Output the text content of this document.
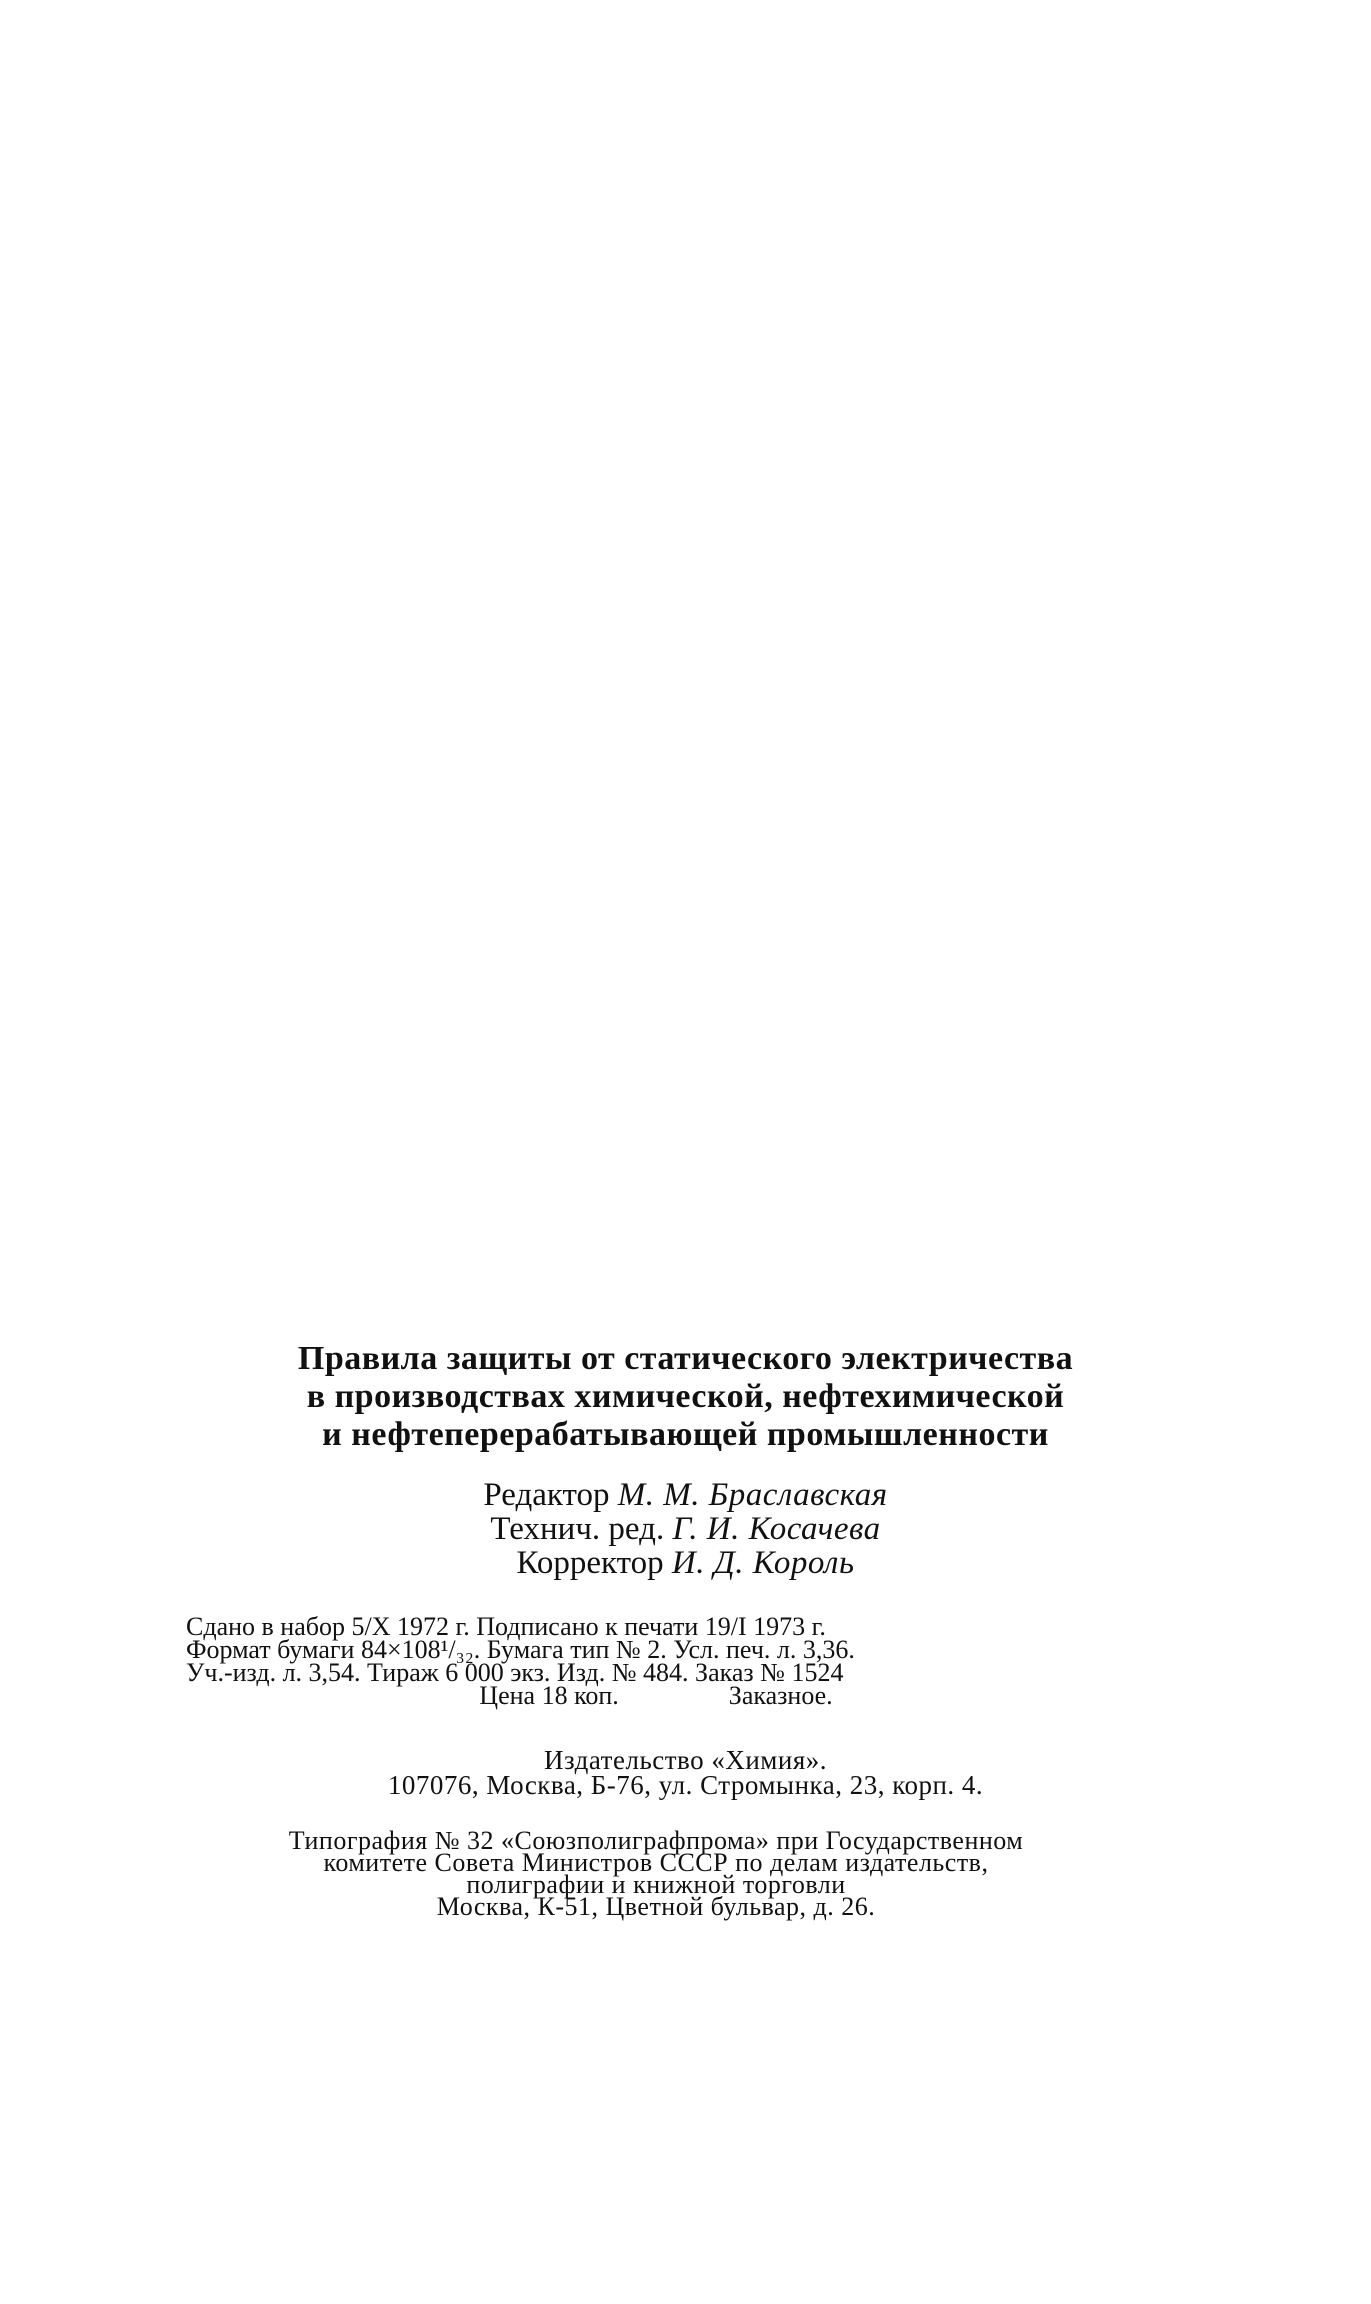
Правила защиты от статического электричества
в производствах химической, нефтехимической
и нефтеперерабатывающей промышленности
Редактор М. М. Браславская
Технич. ред. Г. И. Косачева
Корректор И. Д. Король
Сдано в набор 5/X 1972 г. Подписано к печати 19/I 1973 г.
Формат бумаги 84×108¹/₃₂. Бумага тип № 2. Усл. печ. л. 3,36.
Уч.-изд. л. 3,54. Тираж 6 000 экз. Изд. № 484. Заказ № 1524
Цена 18 коп.	Заказное.
Издательство «Химия».
107076, Москва, Б-76, ул. Стромынка, 23, корп. 4.
Типография № 32 «Союзполиграфпрома» при Государственном
комитете Совета Министров СССР по делам издательств,
полиграфии и книжной торговли
Москва, К-51, Цветной бульвар, д. 26.
